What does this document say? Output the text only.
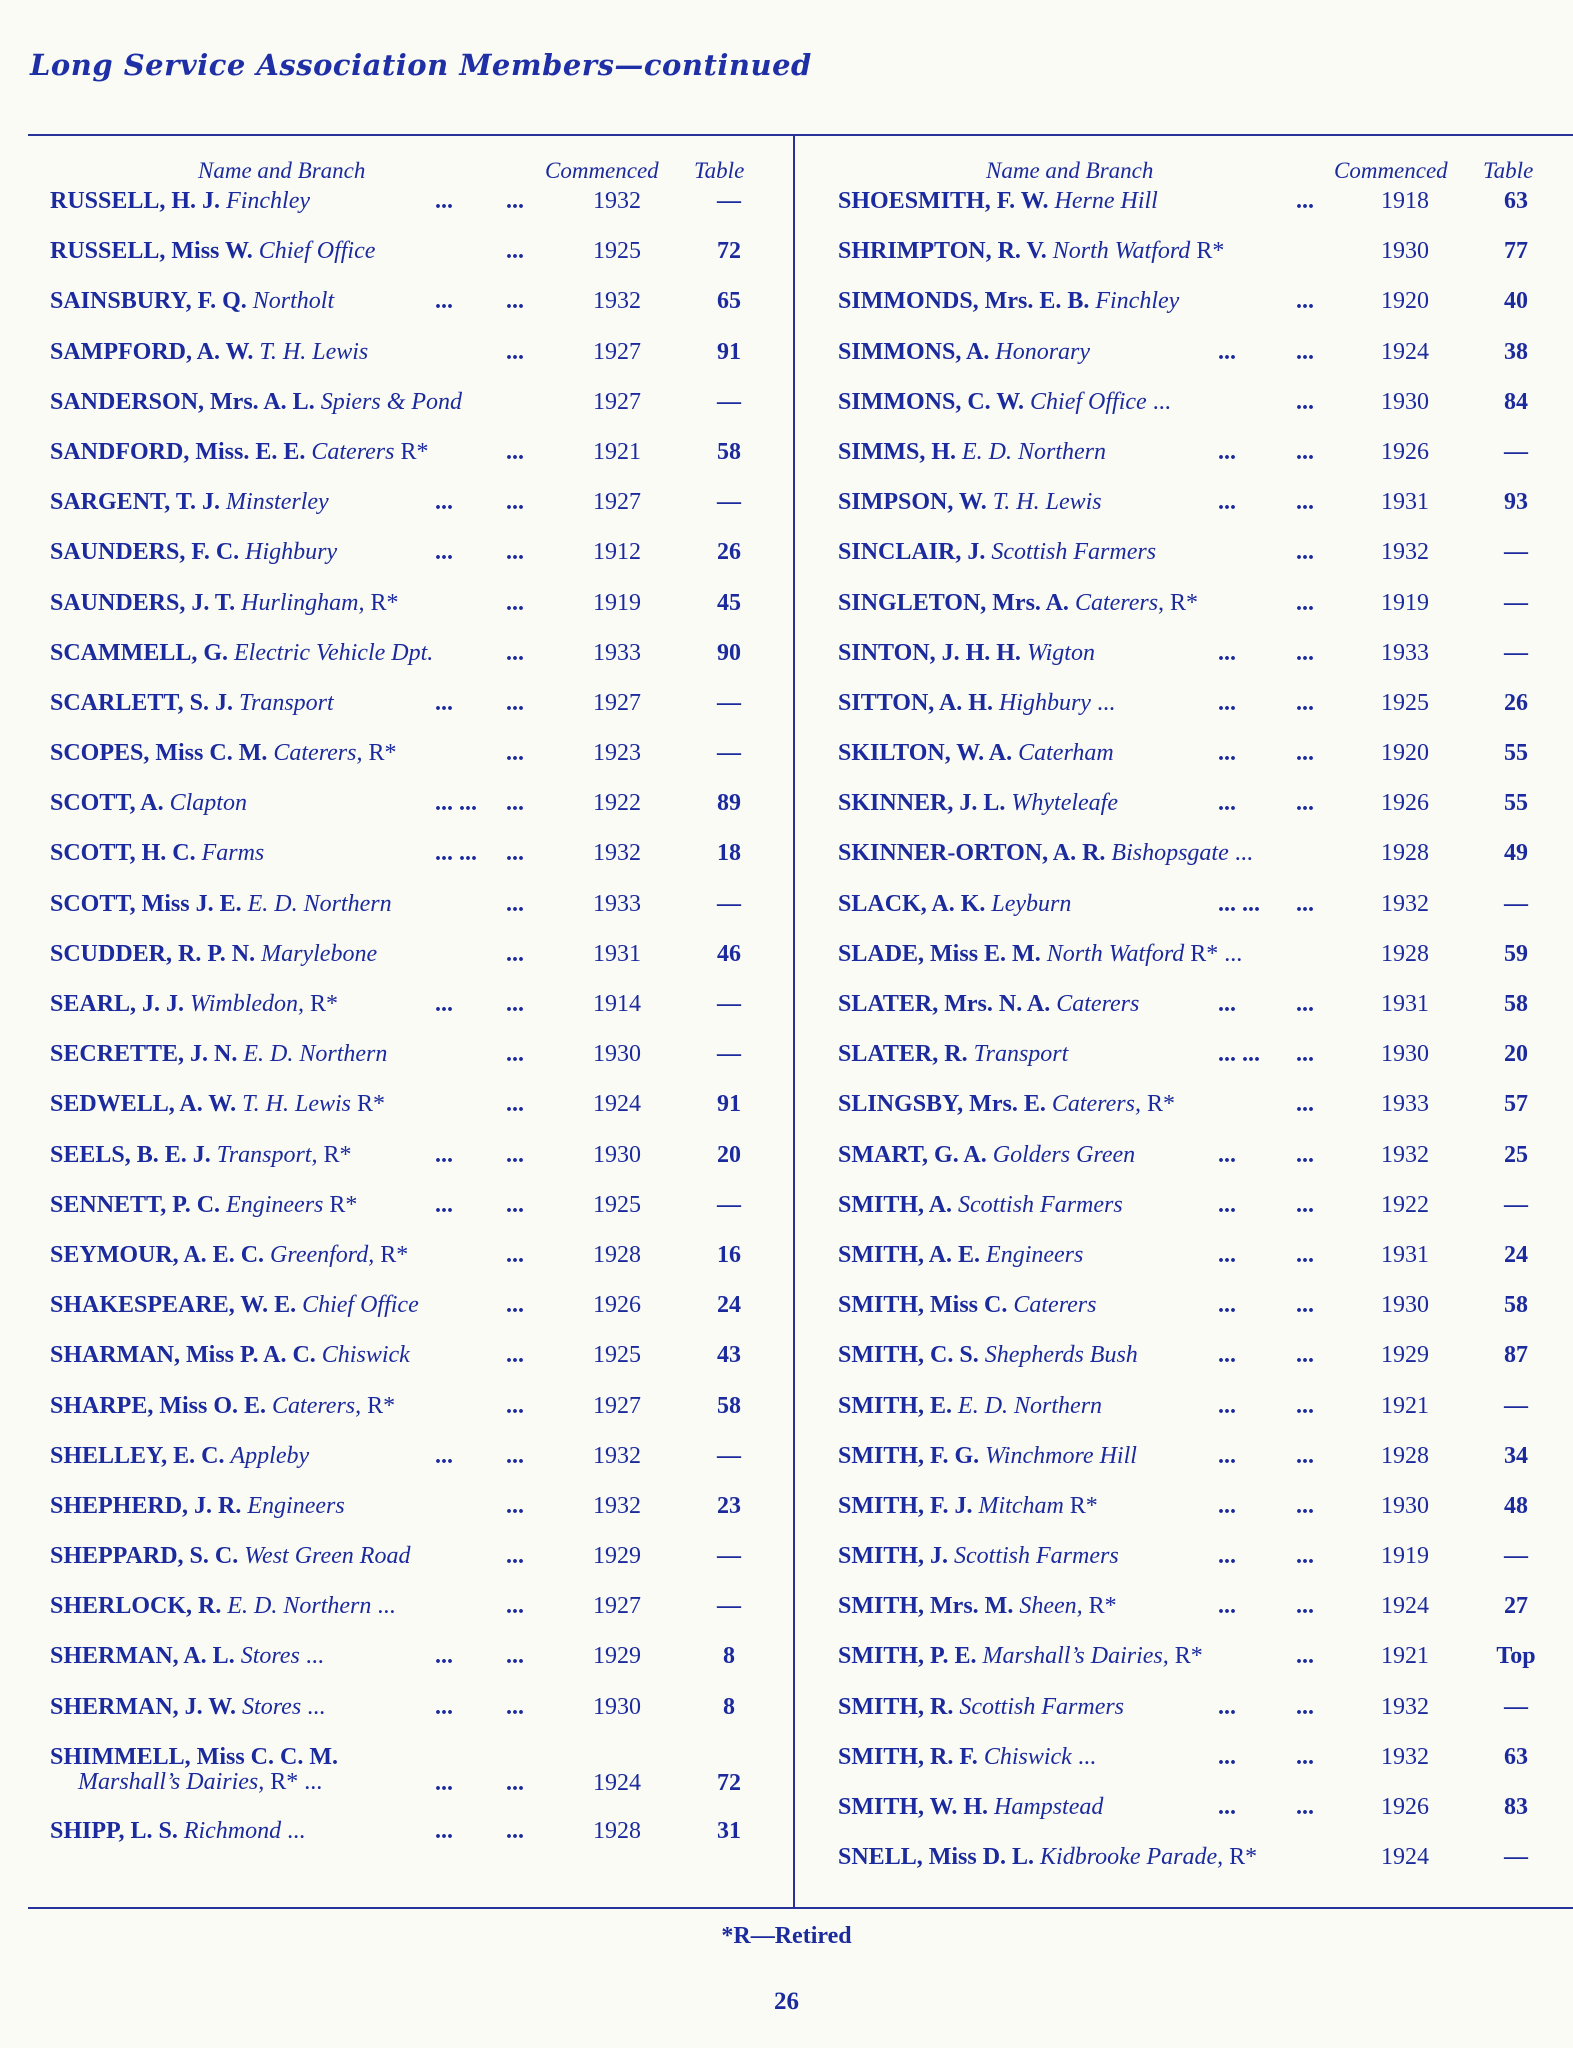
Long Service Association Members—continued
Name and Branch	Commenced Table
RUSSELL, H. J. Finchley	... ...	1932	—
RUSSELL, Miss W. Chief Office	...	1925	72
SAINSBURY, F. Q. Northolt	... ...	1932	65
SAMPFORD, A. W. T. H. Lewis	...	1927	91
SANDERSON, Mrs. A. L. Spiers & Pond	1927	—
SANDFORD, Miss. E. E. Caterers R*	...	1921	58
SARGENT, T. J. Minsterley	... ...	1927	—
SAUNDERS, F. C. Highbury	... ...	1912	26
SAUNDERS, J. T. Hurlingham, R*	...	1919	45
SCAMMELL, G. Electric Vehicle Dpt.	...	1933	90
SCARLETT, S. J. Transport	... ...	1927	—
SCOPES, Miss C. M. Caterers, R*	...	1923	—
SCOTT, A. Clapton	... ... ...	1922	89
SCOTT, H. C. Farms	... ... ...	1932	18
SCOTT, Miss J. E. E. D. Northern	...	1933	—
SCUDDER, R. P. N. Marylebone	...	1931	46
SEARL, J. J. Wimbledon, R*	... ...	1914	—
SECRETTE, J. N. E. D. Northern	...	1930	—
SEDWELL, A. W. T. H. Lewis R*	...	1924	91
SEELS, B. E. J. Transport, R*	... ...	1930	20
SENNETT, P. C. Engineers R*	... ...	1925	—
SEYMOUR, A. E. C. Greenford, R*	...	1928	16
SHAKESPEARE, W. E. Chief Office	...	1926	24
SHARMAN, Miss P. A. C. Chiswick	...	1925	43
SHARPE, Miss O. E. Caterers, R*	...	1927	58
SHELLEY, E. C. Appleby	... ...	1932	—
SHEPHERD, J. R. Engineers	...	1932	23
SHEPPARD, S. C. West Green Road	...	1929	—
SHERLOCK, R. E. D. Northern ...	...	1927	—
SHERMAN, A. L. Stores ...	... ...	1929	8
SHERMAN, J. W. Stores ...	... ...	1930	8
SHIMMELL, Miss C. C. M.
Marshall’s Dairies, R* ...	... ...	1924	72
SHIPP, L. S. Richmond ...	... ...	1928	31
Name and Branch	Commenced Table
SHOESMITH, F. W. Herne Hill	...	1918	63
SHRIMPTON, R. V. North Watford R*	1930	77
SIMMONDS, Mrs. E. B. Finchley	...	1920	40
SIMMONS, A. Honorary	...	...	1924	38
SIMMONS, C. W. Chief Office ...	...	1930	84
SIMMS, H. E. D. Northern	...	...	1926	—
SIMPSON, W. T. H. Lewis	...	...	1931	93
SINCLAIR, J. Scottish Farmers	...	1932	—
SINGLETON, Mrs. A. Caterers, R*	...	1919	—
SINTON, J. H. H. Wigton	...	...	1933	—
SITTON, A. H. Highbury ...	...	...	1925	26
SKILTON, W. A. Caterham	...	...	1920	55
SKINNER, J. L. Whyteleafe	...	...	1926	55
SKINNER-ORTON, A. R. Bishopsgate ...	1928	49
SLACK, A. K. Leyburn	... ... ...	1932	—
SLADE, Miss E. M. North Watford R* ...	1928	59
SLATER, Mrs. N. A. Caterers	...	...	1931	58
SLATER, R. Transport	... ... ...	1930	20
SLINGSBY, Mrs. E. Caterers, R*	...	1933	57
SMART, G. A. Golders Green	...	...	1932	25
SMITH, A. Scottish Farmers	...	...	1922	—
SMITH, A. E. Engineers	...	...	1931	24
SMITH, Miss C. Caterers	...	...	1930	58
SMITH, C. S. Shepherds Bush	...	...	1929	87
SMITH, E. E. D. Northern	...	...	1921	—
SMITH, F. G. Winchmore Hill	...	...	1928	34
SMITH, F. J. Mitcham R*	...	...	1930	48
SMITH, J. Scottish Farmers	...	...	1919	—
SMITH, Mrs. M. Sheen, R*	...	...	1924	27
SMITH, P. E. Marshall’s Dairies, R*	...	1921	Top
SMITH, R. Scottish Farmers	...	...	1932	—
SMITH, R. F. Chiswick ...	...	...	1932	63
SMITH, W. H. Hampstead	...	...	1926	83
SNELL, Miss D. L. Kidbrooke Parade, R*	1924	—
*R—Retired
26
